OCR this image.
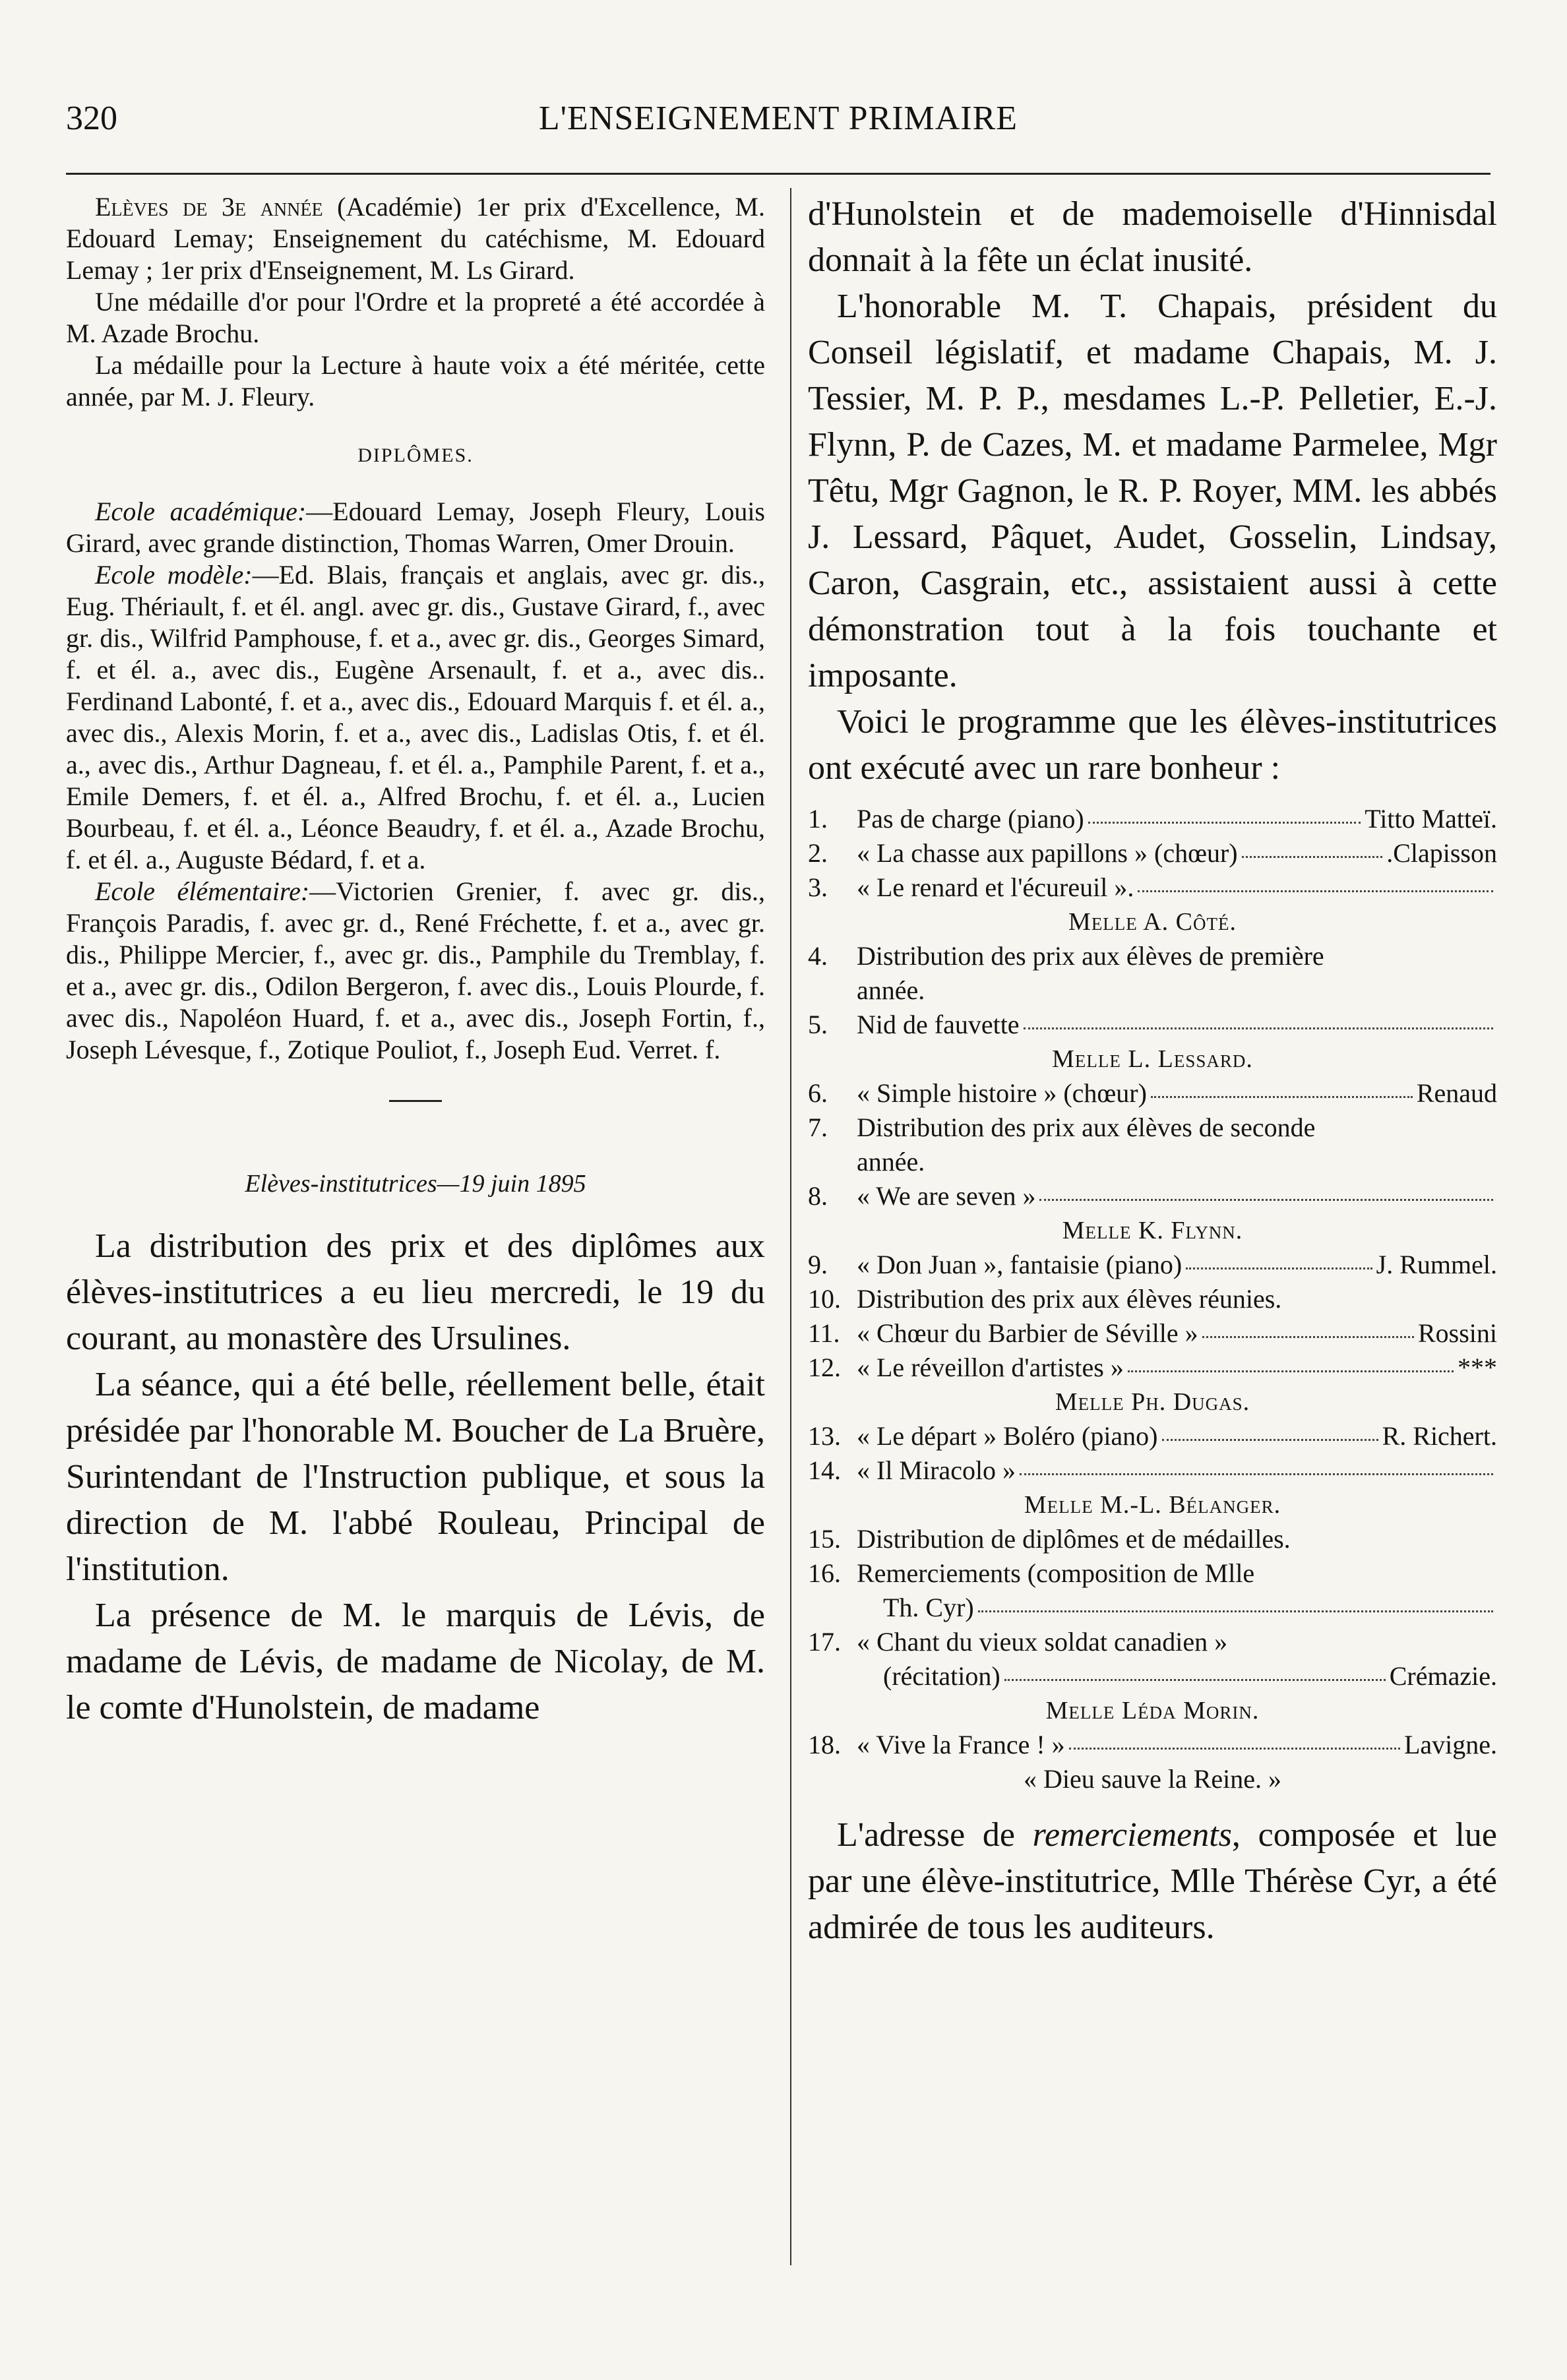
320	L'ENSEIGNEMENT PRIMAIRE

Elèves de 3e année (Académie) 1er prix d'Excellence, M. Edouard Lemay; Enseignement du catéchisme, M. Edouard Lemay ; 1er prix d'Enseignement, M. Ls Girard.

Une médaille d'or pour l'Ordre et la propreté a été accordée à M. Azade Brochu.

La médaille pour la Lecture à haute voix a été méritée, cette année, par M. J. Fleury.

DIPLÔMES.

Ecole académique:—Edouard Lemay, Joseph Fleury, Louis Girard, avec grande distinction, Thomas Warren, Omer Drouin.

Ecole modèle:—Ed. Blais, français et anglais, avec gr. dis., Eug. Thériault, f. et él. angl. avec gr. dis., Gustave Girard, f., avec gr. dis., Wilfrid Pamphouse, f. et a., avec gr. dis., Georges Simard, f. et él. a., avec dis., Eugène Arsenault, f. et a., avec dis.. Ferdinand Labonté, f. et a., avec dis., Edouard Marquis f. et él. a., avec dis., Alexis Morin, f. et a., avec dis., Ladislas Otis, f. et él. a., avec dis., Arthur Dagneau, f. et él. a., Pamphile Parent, f. et a., Emile Demers, f. et él. a., Alfred Brochu, f. et él. a., Lucien Bourbeau, f. et él. a., Léonce Beaudry, f. et él. a., Azade Brochu, f. et él. a., Auguste Bédard, f. et a.

Ecole élémentaire:—Victorien Grenier, f. avec gr. dis., François Paradis, f. avec gr. d., René Fréchette, f. et a., avec gr. dis., Philippe Mercier, f., avec gr. dis., Pamphile du Tremblay, f. et a., avec gr. dis., Odilon Bergeron, f. avec dis., Louis Plourde, f. avec dis., Napoléon Huard, f. et a., avec dis., Joseph Fortin, f., Joseph Lévesque, f., Zotique Pouliot, f., Joseph Eud. Verret. f.

Elèves-institutrices—19 juin 1895

La distribution des prix et des diplômes aux élèves-institutrices a eu lieu mercredi, le 19 du courant, au monastère des Ursulines.

La séance, qui a été belle, réellement belle, était présidée par l'honorable M. Boucher de La Bruère, Surintendant de l'Instruction publique, et sous la direction de M. l'abbé Rouleau, Principal de l'institution.

La présence de M. le marquis de Lévis, de madame de Lévis, de madame de Nicolay, de M. le comte d'Hunolstein, de madame

d'Hunolstein et de mademoiselle d'Hinnisdal donnait à la fête un éclat inusité.

L'honorable M. T. Chapais, président du Conseil législatif, et madame Chapais, M. J. Tessier, M. P. P., mesdames L.-P. Pelletier, E.-J. Flynn, P. de Cazes, M. et madame Parmelee, Mgr Têtu, Mgr Gagnon, le R. P. Royer, MM. les abbés J. Lessard, Pâquet, Audet, Gosselin, Lindsay, Caron, Casgrain, etc., assistaient aussi à cette démonstration tout à la fois touchante et imposante.

Voici le programme que les élèves-institutrices ont exécuté avec un rare bonheur :

1.	Pas de charge (piano)	Titto Matteï.
2.	« La chasse aux papillons » (chœur)	.Clapisson
3.	« Le renard et l'écureuil ».
Melle A. Côté.
4.	Distribution des prix aux élèves de première
année.
5.	Nid de fauvette
Melle L. Lessard.
6.	« Simple histoire » (chœur)	Renaud
7.	Distribution des prix aux élèves de seconde
année.
8.	« We are seven »
Melle K. Flynn.
9.	« Don Juan », fantaisie (piano)	J. Rummel.
10. Distribution des prix aux élèves réunies.
11. « Chœur du Barbier de Séville »	Rossini
12. « Le réveillon d'artistes »	***
Melle Ph. Dugas.
13. « Le départ » Boléro (piano)	R. Richert.
14. « Il Miracolo »
Melle M.-L. Bélanger.
15. Distribution de diplômes et de médailles.
16. Remerciements (composition de Mlle
Th. Cyr)
17. « Chant du vieux soldat canadien »
(récitation)	Crémazie.
Melle Léda Morin.
18. « Vive la France ! »	Lavigne.
« Dieu sauve la Reine. »

L'adresse de remerciements, composée et lue par une élève-institutrice, Mlle Thérèse Cyr, a été admirée de tous les auditeurs.
